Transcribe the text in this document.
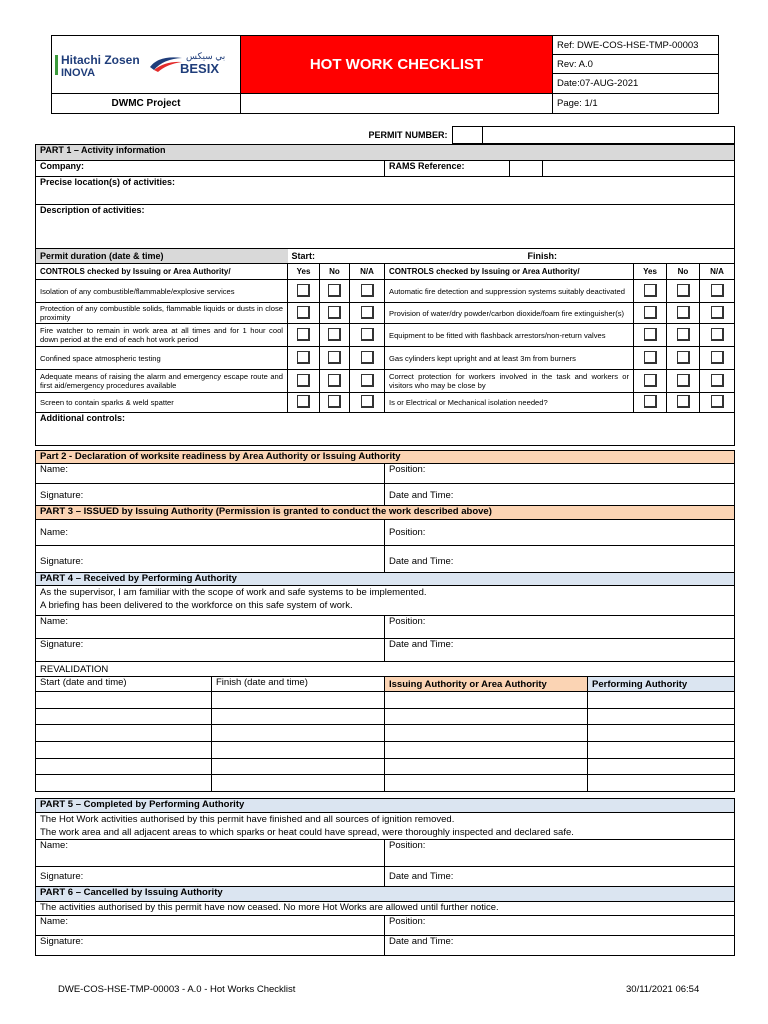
Hitachi Zosen
INOVA
بي سيكس
BESIX	HOT WORK CHECKLIST	Ref: DWE-COS-HSE-TMP-00003
		Rev: A.0
		Date:07-AUG-2021
DWMC Project		Page: 1/1
PERMIT NUMBER:		
PART 1 – Activity information							
Company:				RAMS Reference:			

Precise location(s) of activities:							
Description of activities:							
Permit duration (date & time)	Start: Finish:						

CONTROLS checked by Issuing or Area Authority/	Yes	No	N/A	CONTROLS checked by Issuing or Area Authority/	Yes	No	N/A
Isolation of any combustible/flammable/explosive services				Automatic fire detection and suppression systems suitably deactivated			
Protection of any combustible solids, flammable liquids or dusts in close proximity				Provision of water/dry powder/carbon dioxide/foam fire extinguisher(s)			
Fire watcher to remain in work area at all times and for 1 hour cool down period at the end of each hot work period				Equipment to be fitted with flashback arrestors/non-return valves			
Confined space atmospheric testing				Gas cylinders kept upright and at least 3m from burners			
Adequate means of raising the alarm and emergency escape route and first aid/emergency procedures available				Correct protection for workers involved in the task and workers or visitors who may be close by			
Screen to contain sparks & weld spatter				Is or Electrical or Mechanical isolation needed?			
Additional controls:							
Part 2 - Declaration of worksite readiness by Area Authority or Issuing Authority	
Name:	Position:
Signature:	Date and Time:
PART 3 – ISSUED by Issuing Authority (Permission is granted to conduct the work described above)	
Name:	Position:
Signature:	Date and Time:
PART 4 – Received by Performing Authority			

As the supervisor, I am familiar with the scope of work and safe systems to be implemented.
A briefing has been delivered to the workforce on this safe system of work.			

Name:		Position:	
Signature:		Date and Time:	
REVALIDATION			
Start (date and time)	Finish (date and time)	Issuing Authority or Area Authority	Performing Authority

PART 5 – Completed by Performing Authority	

The Hot Work activities authorised by this permit have finished and all sources of ignition removed.
The work area and all adjacent areas to which sparks or heat could have spread, were thoroughly inspected and declared safe.	

Name:	Position:
Signature:	Date and Time:
PART 6 – Cancelled by Issuing Authority	
The activities authorised by this permit have now ceased. No more Hot Works are allowed until further notice.	
Name:	Position:
Signature:	Date and Time:
DWE-COS-HSE-TMP-00003 - A.0 - Hot Works Checklist	30/11/2021 06:54
